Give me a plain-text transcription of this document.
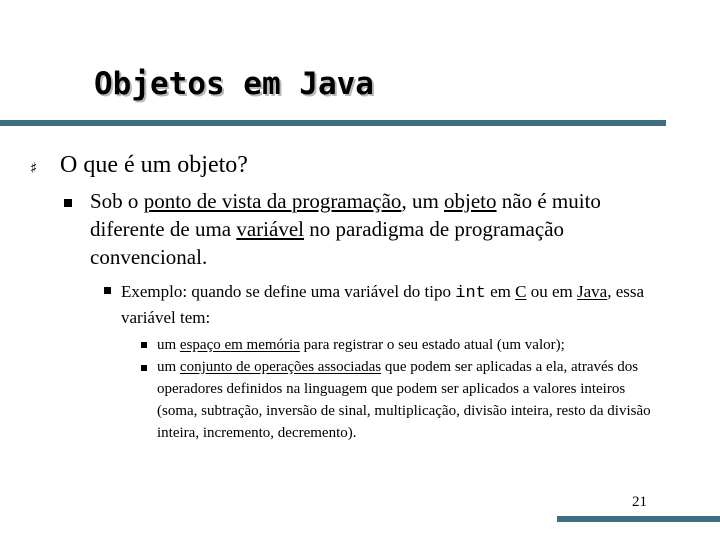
Objetos em Java
♯ O que é um objeto?
Sob o ponto de vista da programação, um objeto não é muito diferente de uma variável no paradigma de programação convencional.
Exemplo: quando se define uma variável do tipo int em C ou em Java, essa variável tem:
um espaço em memória para registrar o seu estado atual (um valor);
um conjunto de operações associadas que podem ser aplicadas a ela, através dos operadores definidos na linguagem que podem ser aplicados a valores inteiros (soma, subtração, inversão de sinal, multiplicação, divisão inteira, resto da divisão inteira, incremento, decremento).
21
